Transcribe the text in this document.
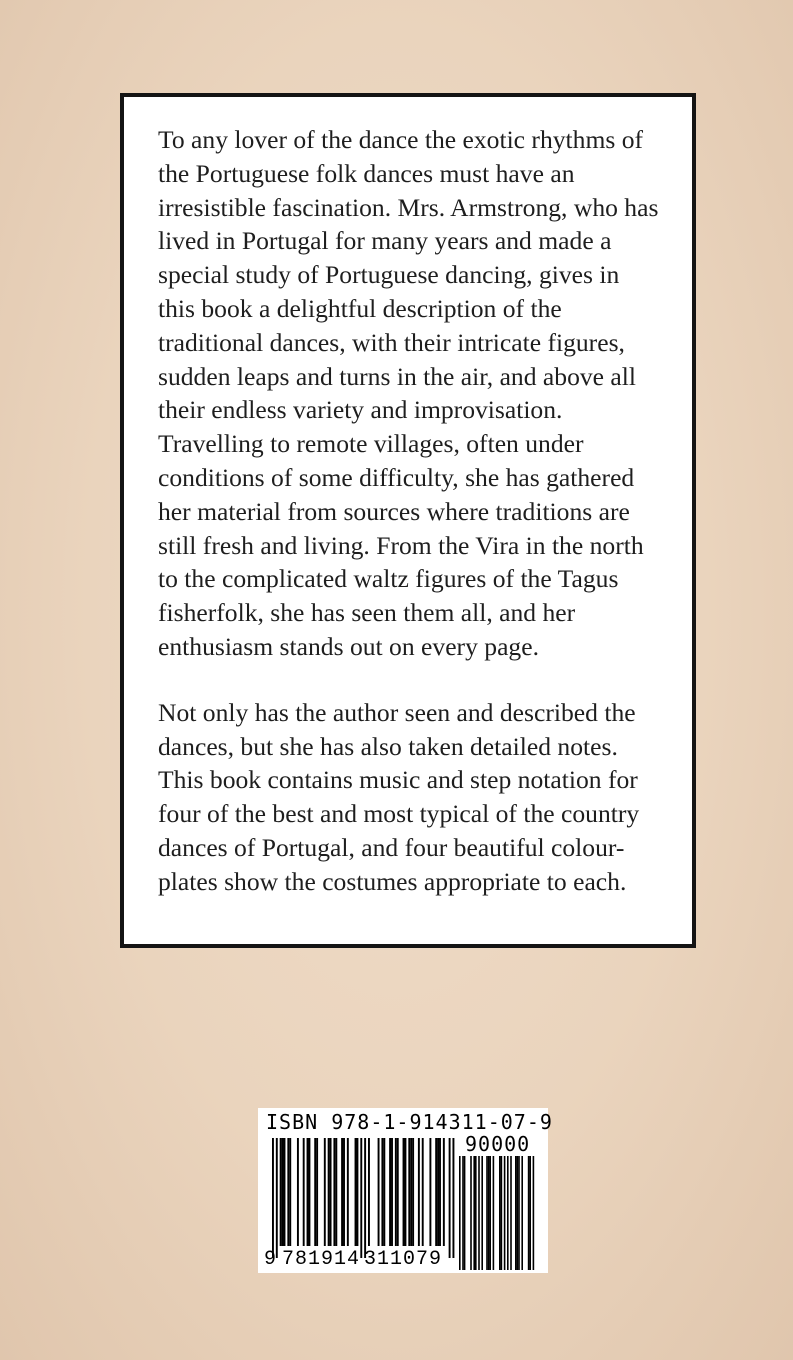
To any lover of the dance the exotic rhythms of the Portuguese folk dances must have an irresistible fascination. Mrs. Armstrong, who has lived in Portugal for many years and made a special study of Portuguese dancing, gives in this book a delightful description of the traditional dances, with their intricate figures, sudden leaps and turns in the air, and above all their endless variety and improvisation. Travelling to remote villages, often under conditions of some difficulty, she has gathered her material from sources where traditions are still fresh and living. From the Vira in the north to the complicated waltz figures of the Tagus fisherfolk, she has seen them all, and her enthusiasm stands out on every page.

Not only has the author seen and described the dances, but she has also taken detailed notes. This book contains music and step notation for four of the best and most typical of the country dances of Portugal, and four beautiful colour-plates show the costumes appropriate to each.

ISBN 978-1-914311-07-9
90000
9 781914 311079
